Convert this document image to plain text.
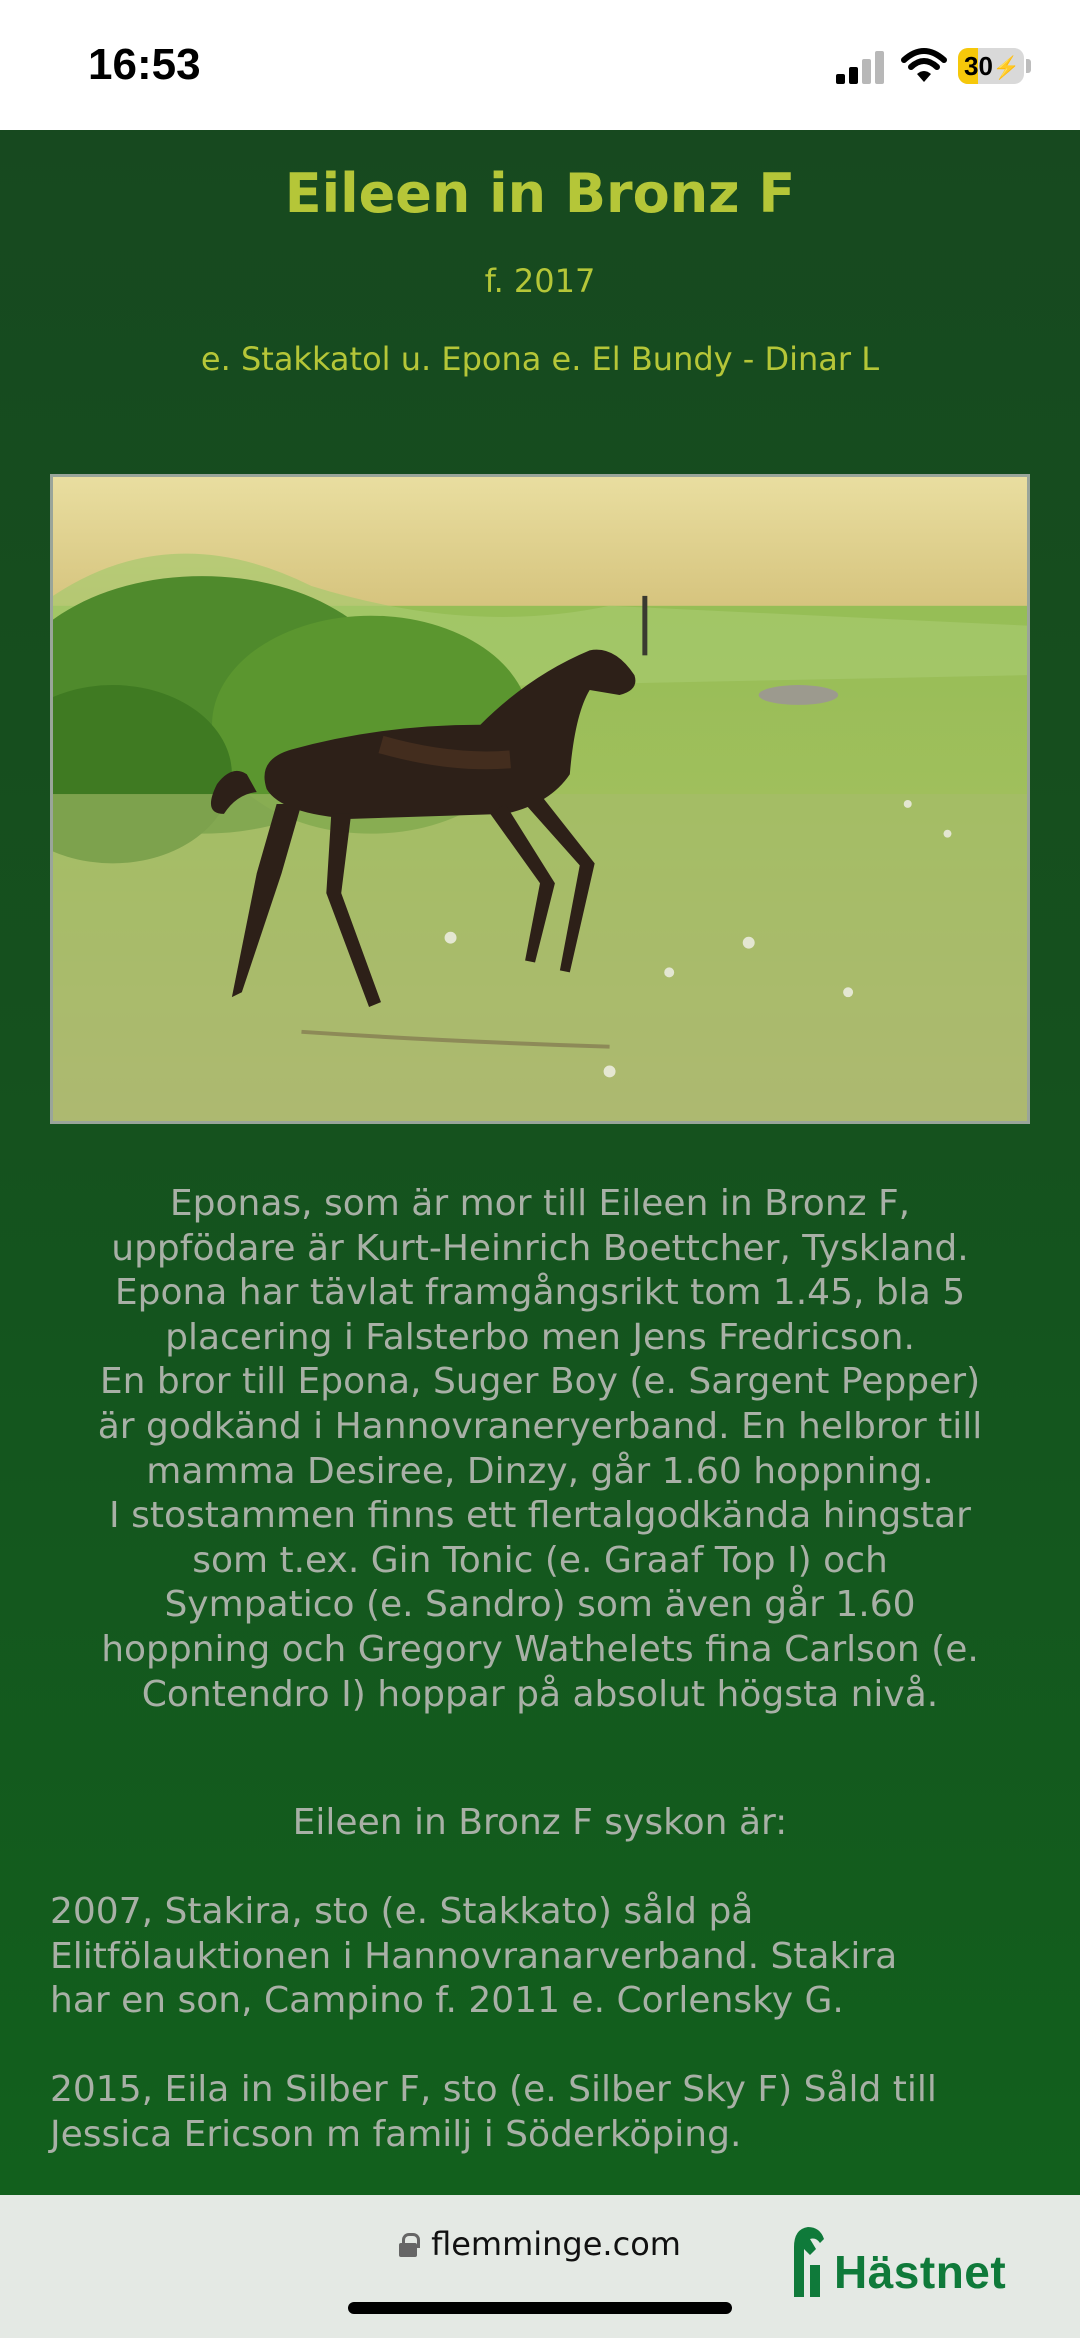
16:53	30⚡
Eileen in Bronz F
f. 2017
e. Stakkatol u. Epona e. El Bundy - Dinar L
Eponas, som är mor till Eileen in Bronz F,
uppfödare är Kurt-Heinrich Boettcher, Tyskland.
Epona har tävlat framgångsrikt tom 1.45, bla 5
placering i Falsterbo men Jens Fredricson.
En bror till Epona, Suger Boy (e. Sargent Pepper)
är godkänd i Hannovraneryerband. En helbror till
mamma Desiree, Dinzy, går 1.60 hoppning.
I stostammen finns ett flertalgodkända hingstar
som t.ex. Gin Tonic (e. Graaf Top I) och
Sympatico (e. Sandro) som även går 1.60
hoppning och Gregory Wathelets fina Carlson (e.
Contendro I) hoppar på absolut högsta nivå.
Eileen in Bronz F syskon är:
2007, Stakira, sto (e. Stakkato) såld på
Elitfölauktionen i Hannovranarverband. Stakira
har en son, Campino f. 2011 e. Corlensky G.
2015, Eila in Silber F, sto (e. Silber Sky F) Såld till
Jessica Ericson m familj i Söderköping.
flemminge.com
Hästnet
